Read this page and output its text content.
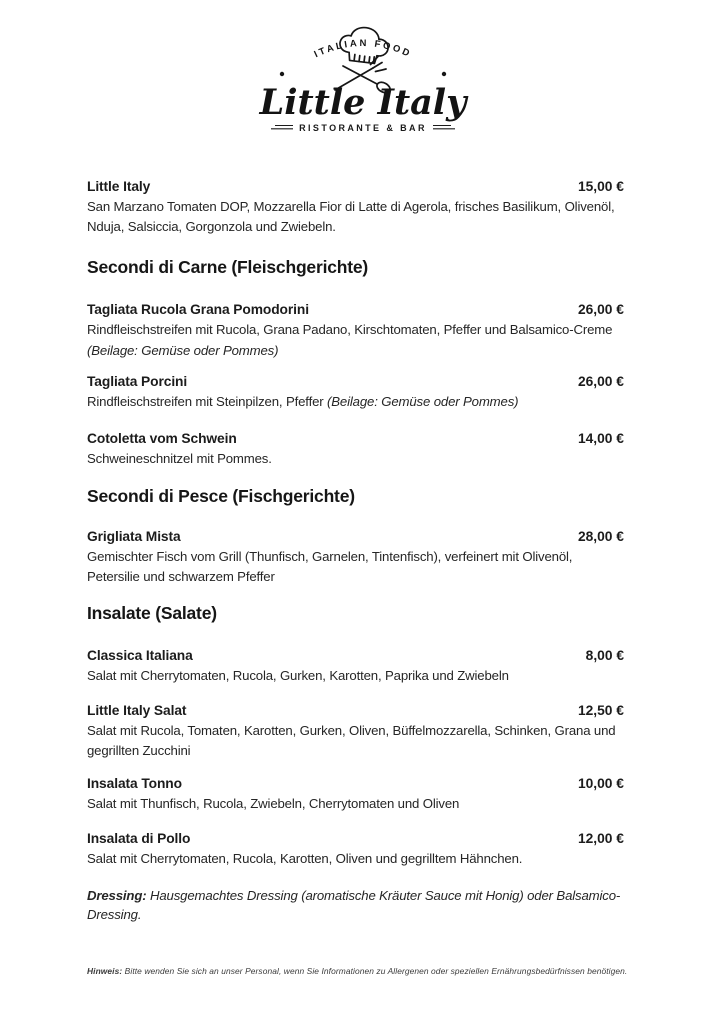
ITALIAN FOOD
Little Italy
RISTORANTE & BAR
Little Italy	15,00 €
San Marzano Tomaten DOP, Mozzarella Fior di Latte di Agerola, frisches Basilikum, Olivenöl, Nduja, Salsiccia, Gorgonzola und Zwiebeln.
Secondi di Carne (Fleischgerichte)
Tagliata Rucola Grana Pomodorini	26,00 €
Rindfleischstreifen mit Rucola, Grana Padano, Kirschtomaten, Pfeffer und Balsamico-Creme
(Beilage: Gemüse oder Pommes)
Tagliata Porcini	26,00 €
Rindfleischstreifen mit Steinpilzen, Pfeffer (Beilage: Gemüse oder Pommes)
Cotoletta vom Schwein	14,00 €
Schweineschnitzel mit Pommes.
Secondi di Pesce (Fischgerichte)
Grigliata Mista	28,00 €
Gemischter Fisch vom Grill (Thunfisch, Garnelen, Tintenfisch), verfeinert mit Olivenöl, Petersilie und schwarzem Pfeffer
Insalate (Salate)
Classica Italiana	8,00 €
Salat mit Cherrytomaten, Rucola, Gurken, Karotten, Paprika und Zwiebeln
Little Italy Salat	12,50 €
Salat mit Rucola, Tomaten, Karotten, Gurken, Oliven, Büffelmozzarella, Schinken, Grana und gegrillten Zucchini
Insalata Tonno	10,00 €
Salat mit Thunfisch, Rucola, Zwiebeln, Cherrytomaten und Oliven
Insalata di Pollo	12,00 €
Salat mit Cherrytomaten, Rucola, Karotten, Oliven und gegrilltem Hähnchen.
Dressing: Hausgemachtes Dressing (aromatische Kräuter Sauce mit Honig) oder Balsamico-Dressing.
Hinweis: Bitte wenden Sie sich an unser Personal, wenn Sie Informationen zu Allergenen oder speziellen Ernährungsbedürfnissen benötigen.
